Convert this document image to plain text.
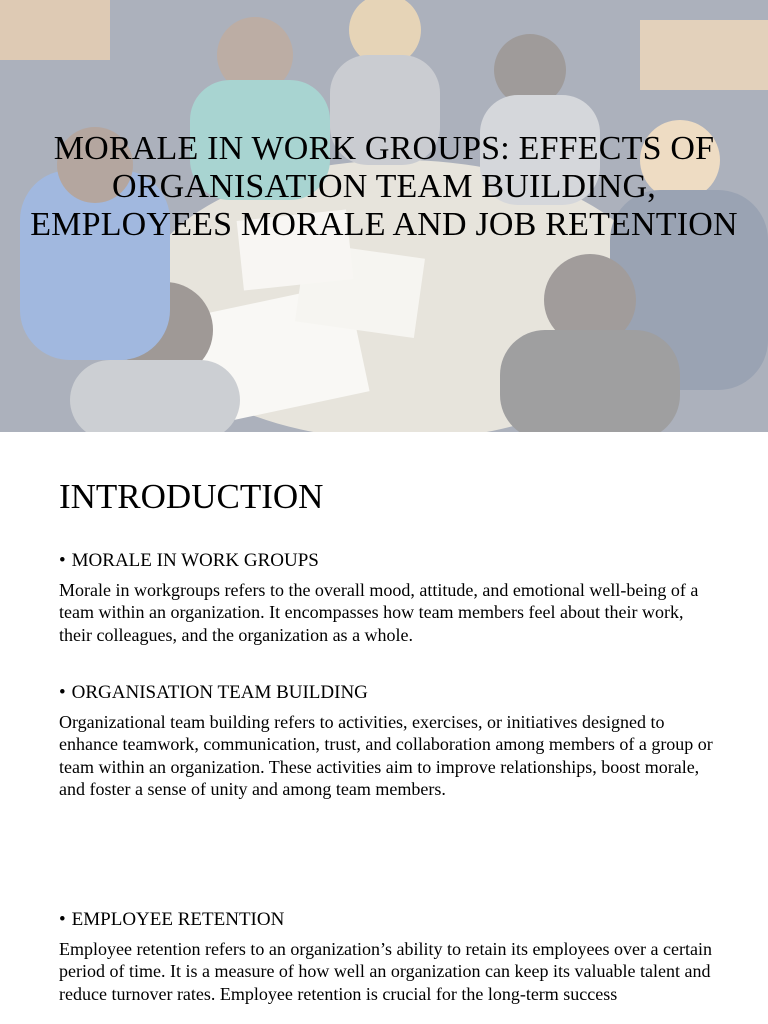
MORALE IN WORK GROUPS: EFFECTS OF ORGANISATION TEAM BUILDING, EMPLOYEES MORALE AND JOB RETENTION
INTRODUCTION

• MORALE IN WORK GROUPS

Morale in workgroups refers to the overall mood, attitude, and emotional well-being of a team within an organization. It encompasses how team members feel about their work, their colleagues, and the organization as a whole.

• ORGANISATION TEAM BUILDING

Organizational team building refers to activities, exercises, or initiatives designed to enhance teamwork, communication, trust, and collaboration among members of a group or team within an organization. These activities aim to improve relationships, boost morale, and foster a sense of unity and among team members.

• EMPLOYEE RETENTION

Employee retention refers to an organization’s ability to retain its employees over a certain period of time. It is a measure of how well an organization can keep its valuable talent and reduce turnover rates. Employee retention is crucial for the long-term success
